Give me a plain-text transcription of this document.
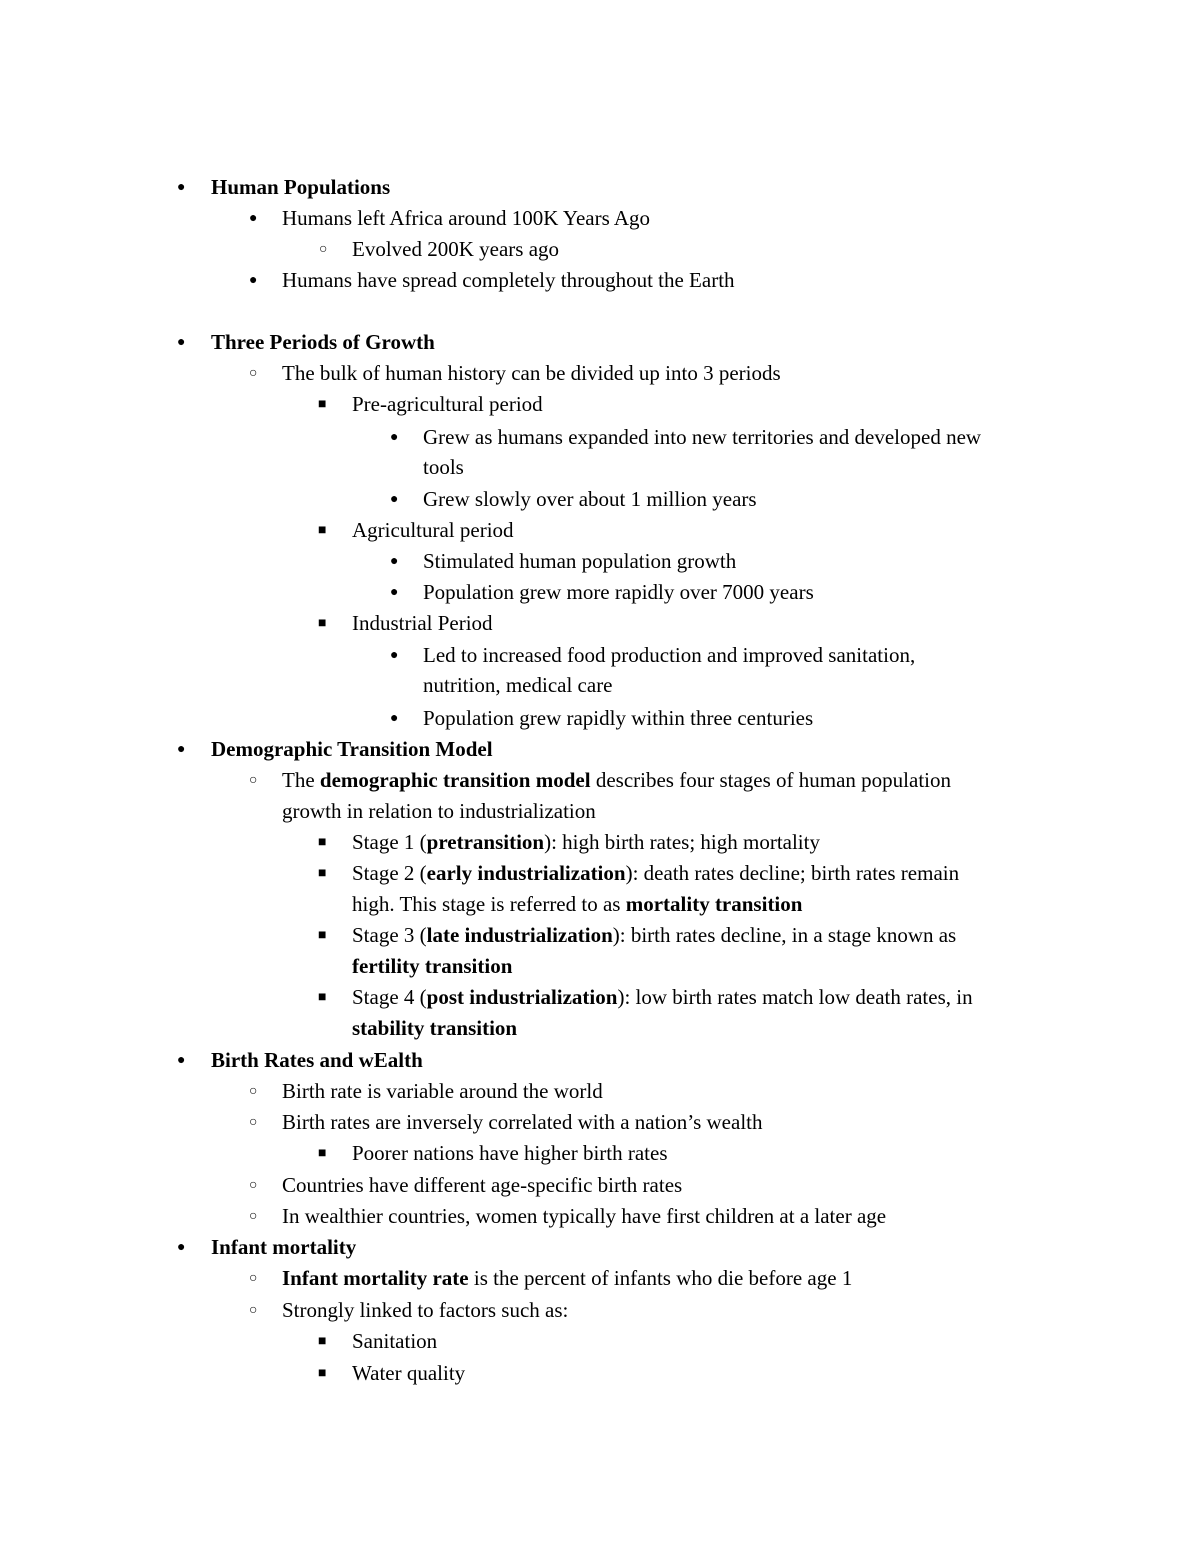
●
Human Populations
●
Humans left Africa around 100K Years Ago
○
Evolved 200K years ago
●
Humans have spread completely throughout the Earth
●
Three Periods of Growth
○
The bulk of human history can be divided up into 3 periods
■
Pre-agricultural period
●
Grew as humans expanded into new territories and developed new
tools
●
Grew slowly over about 1 million years
■
Agricultural period
●
Stimulated human population growth
●
Population grew more rapidly over 7000 years
■
Industrial Period
●
Led to increased food production and improved sanitation,
nutrition, medical care
●
Population grew rapidly within three centuries
●
Demographic Transition Model
○
The demographic transition model describes four stages of human population
growth in relation to industrialization
■
Stage 1 (pretransition): high birth rates; high mortality
■
Stage 2 (early industrialization): death rates decline; birth rates remain
high. This stage is referred to as mortality transition
■
Stage 3 (late industrialization): birth rates decline, in a stage known as
fertility transition
■
Stage 4 (post industrialization): low birth rates match low death rates, in
stability transition
●
Birth Rates and wEalth
○
Birth rate is variable around the world
○
Birth rates are inversely correlated with a nation’s wealth
■
Poorer nations have higher birth rates
○
Countries have different age-specific birth rates
○
In wealthier countries, women typically have first children at a later age
●
Infant mortality
○
Infant mortality rate is the percent of infants who die before age 1
○
Strongly linked to factors such as:
■
Sanitation
■
Water quality
